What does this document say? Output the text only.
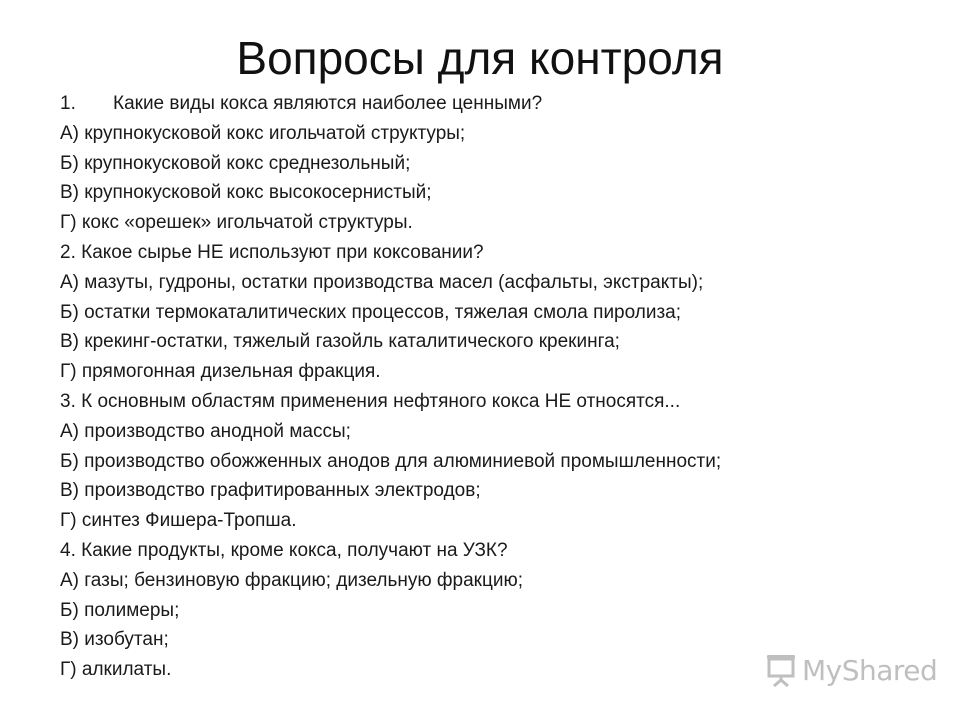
Вопросы для контроля
1.	Какие виды кокса являются наиболее ценными?
А) крупнокусковой кокс игольчатой структуры;
Б) крупнокусковой кокс среднезольный;
В) крупнокусковой кокс высокосернистый;
Г) кокс «орешек» игольчатой структуры.
2. Какое сырье НЕ используют при коксовании?
А) мазуты, гудроны, остатки производства масел (асфальты, экстракты);
Б) остатки термокаталитических процессов, тяжелая смола пиролиза;
В) крекинг-остатки, тяжелый газойль каталитического крекинга;
Г) прямогонная дизельная фракция.
3. К основным областям применения нефтяного кокса НЕ относятся...
А) производство анодной массы;
Б) производство обожженных анодов для алюминиевой промышленности;
В) производство графитированных электродов;
Г) синтез Фишера-Тропша.
4. Какие продукты, кроме кокса, получают на УЗК?
А) газы; бензиновую фракцию; дизельную фракцию;
Б) полимеры;
В) изобутан;
Г) алкилаты.	MyShared
